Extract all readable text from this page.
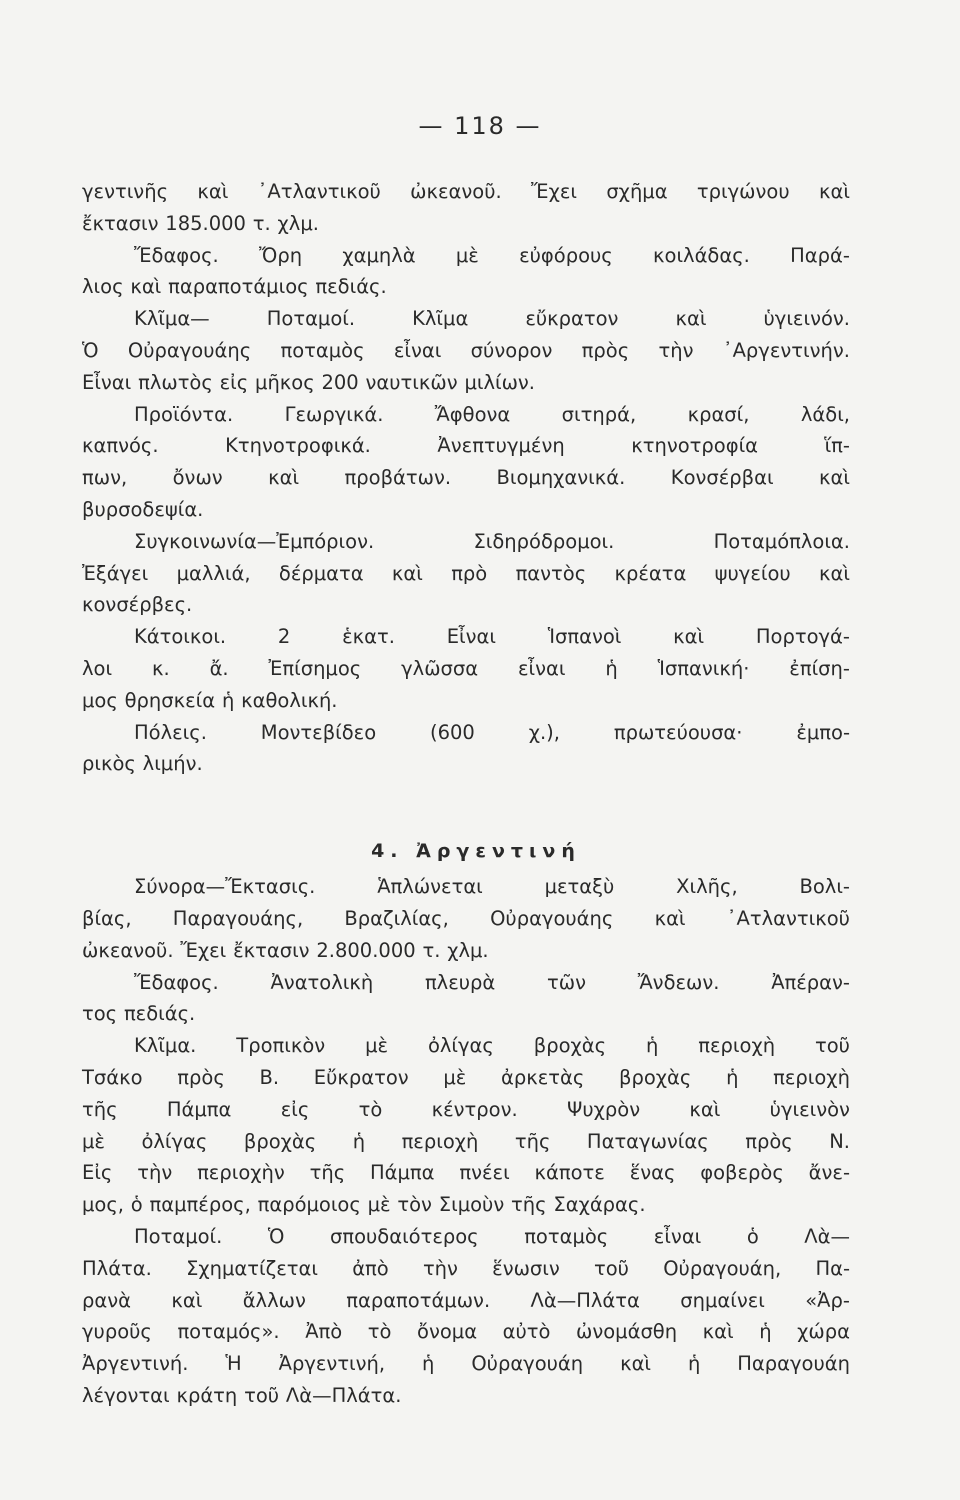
— 118 —
γεντινῆς καὶ ᾿Ατλαντικοῦ ὠκεανοῦ. Ἔχει σχῆμα τριγώνου καὶ
ἔκτασιν 185.000 τ. χλμ.
Ἔδαφος. Ὄρη χαμηλὰ μὲ εὐφόρους κοιλάδας. Παρά-
λιος καὶ παραποτάμιος πεδιάς.
Κλῖμα—	Ποταμοί.	Κλῖμα	εὔκρατον	καὶ	ὑγιεινόν.
Ὁ Οὐραγουάης ποταμὸς εἶναι σύνορον πρὸς τὴν ᾿Αργεντινήν.
Εἶναι πλωτὸς εἰς μῆκος 200 ναυτικῶν μιλίων.
Προϊόντα.	Γεωργικά.	Ἄφθονα	σιτηρά,	κρασί,	λάδι,
καπνός.	Κτηνοτροφικά.	Ἀνεπτυγμένη	κτηνοτροφία	ἵπ-
πων, ὄνων καὶ προβάτων. Βιομηχανικά. Κονσέρβαι καὶ
βυρσοδεψία.
Συγκοινωνία—Ἐμπόριον.	Σιδηρόδρομοι.	Ποταμόπλοια.
Ἐξάγει μαλλιά, δέρματα καὶ πρὸ παντὸς κρέατα ψυγείου καὶ
κονσέρβες.
Κάτοικοι.	2	ἑκατ.	Εἶναι	Ἱσπανοὶ	καὶ	Πορτογά-
λοι κ. ἄ. Ἐπίσημος γλῶσσα εἶναι ἡ Ἱσπανική· ἐπίση-
μος θρησκεία ἡ καθολική.
Πόλεις.	Μοντεβίδεο	(600	χ.),	πρωτεύουσα·	ἐμπο-
ρικὸς λιμήν.
4. Ἀργεντινή
Σύνορα—Ἔκτασις.	Ἁπλώνεται	μεταξὺ	Χιλῆς,	Βολι-
βίας, Παραγουάης, Βραζιλίας, Οὐραγουάης καὶ ᾿Ατλαντικοῦ
ὠκεανοῦ. Ἔχει ἔκτασιν 2.800.000 τ. χλμ.
Ἔδαφος.	Ἀνατολικὴ	πλευρὰ	τῶν	Ἄνδεων.	Ἀπέραν-
τος πεδιάς.
Κλῖμα. Τροπικὸν μὲ ὀλίγας βροχὰς ἡ περιοχὴ τοῦ
Τσάκο πρὸς Β. Εὔκρατον μὲ ἀρκετὰς βροχὰς ἡ περιοχὴ
τῆς	Πάμπα	εἰς	τὸ	κέντρον.	Ψυχρὸν	καὶ	ὑγιεινὸν
μὲ ὀλίγας βροχὰς ἡ περιοχὴ τῆς Παταγωνίας πρὸς Ν.
Εἰς τὴν περιοχὴν τῆς Πάμπα πνέει κάποτε ἕνας φοβερὸς ἄνε-
μος, ὁ παμπέρος, παρόμοιος μὲ τὸν Σιμοὺν τῆς Σαχάρας.
Ποταμοί. Ὁ σπουδαιότερος ποταμὸς εἶναι ὁ Λὰ—
Πλάτα. Σχηματίζεται ἀπὸ τὴν ἕνωσιν τοῦ Οὐραγουάη, Πα-
ρανὰ καὶ ἄλλων παραποτάμων. Λὰ—Πλάτα σημαίνει «Ἀρ-
γυροῦς ποταμός». Ἀπὸ τὸ ὄνομα αὐτὸ ὠνομάσθη καὶ ἡ χώρα
Ἀργεντινή. Ἡ Ἀργεντινή, ἡ Οὐραγουάη καὶ ἡ Παραγουάη
λέγονται κράτη τοῦ Λὰ—Πλάτα.
